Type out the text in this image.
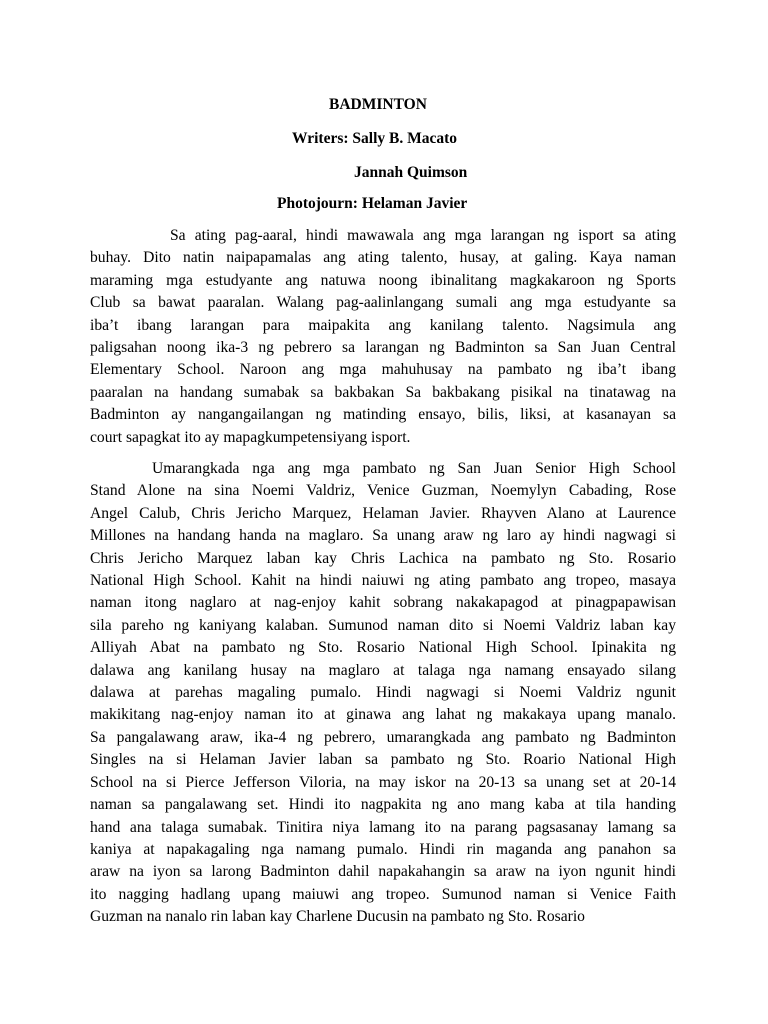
BADMINTON
Writers: Sally B. Macato
Jannah Quimson
Photojourn: Helaman Javier
Sa ating pag-aaral, hindi mawawala ang mga larangan ng isport sa ating
buhay. Dito natin naipapamalas ang ating talento, husay, at galing. Kaya naman
maraming mga estudyante ang natuwa noong ibinalitang magkakaroon ng Sports
Club sa bawat paaralan. Walang pag-aalinlangang sumali ang mga estudyante sa
iba’t ibang larangan para maipakita ang kanilang talento. Nagsimula ang
paligsahan noong ika-3 ng pebrero sa larangan ng Badminton sa San Juan Central
Elementary School. Naroon ang mga mahuhusay na pambato ng iba’t ibang
paaralan na handang sumabak sa bakbakan Sa bakbakang pisikal na tinatawag na
Badminton ay nangangailangan ng matinding ensayo, bilis, liksi, at kasanayan sa
court sapagkat ito ay mapagkumpetensiyang isport.
Umarangkada nga ang mga pambato ng San Juan Senior High School
Stand Alone na sina Noemi Valdriz, Venice Guzman, Noemylyn Cabading, Rose
Angel Calub, Chris Jericho Marquez, Helaman Javier. Rhayven Alano at Laurence
Millones na handang handa na maglaro. Sa unang araw ng laro ay hindi nagwagi si
Chris Jericho Marquez laban kay Chris Lachica na pambato ng Sto. Rosario
National High School. Kahit na hindi naiuwi ng ating pambato ang tropeo, masaya
naman itong naglaro at nag-enjoy kahit sobrang nakakapagod at pinagpapawisan
sila pareho ng kaniyang kalaban. Sumunod naman dito si Noemi Valdriz laban kay
Alliyah Abat na pambato ng Sto. Rosario National High School. Ipinakita ng
dalawa ang kanilang husay na maglaro at talaga nga namang ensayado silang
dalawa at parehas magaling pumalo. Hindi nagwagi si Noemi Valdriz ngunit
makikitang nag-enjoy naman ito at ginawa ang lahat ng makakaya upang manalo.
Sa pangalawang araw, ika-4 ng pebrero, umarangkada ang pambato ng Badminton
Singles na si Helaman Javier laban sa pambato ng Sto. Roario National High
School na si Pierce Jefferson Viloria, na may iskor na 20-13 sa unang set at 20-14
naman sa pangalawang set. Hindi ito nagpakita ng ano mang kaba at tila handing
hand ana talaga sumabak. Tinitira niya lamang ito na parang pagsasanay lamang sa
kaniya at napakagaling nga namang pumalo. Hindi rin maganda ang panahon sa
araw na iyon sa larong Badminton dahil napakahangin sa araw na iyon ngunit hindi
ito nagging hadlang upang maiuwi ang tropeo. Sumunod naman si Venice Faith
Guzman na nanalo rin laban kay Charlene Ducusin na pambato ng Sto. Rosario
